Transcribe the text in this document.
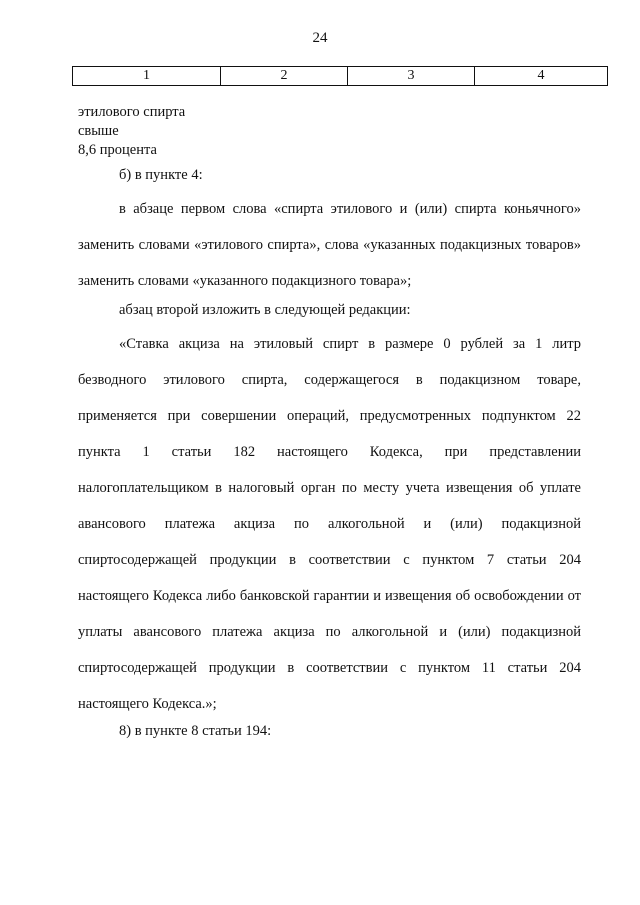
24
1	2	3	4
этилового спирта
свыше
8,6 процента

б) в пункте 4:

в абзаце первом слова «спирта этилового и (или) спирта коньячного» заменить словами «этилового спирта», слова «указанных подакцизных товаров» заменить словами «указанного подакцизного товара»;

абзац второй изложить в следующей редакции:

«Ставка акциза на этиловый спирт в размере 0 рублей за 1 литр безводного этилового спирта, содержащегося в подакцизном товаре, применяется при совершении операций, предусмотренных подпунктом 22 пункта 1 статьи 182 настоящего Кодекса, при представлении налогоплательщиком в налоговый орган по месту учета извещения об уплате авансового платежа акциза по алкогольной и (или) подакцизной спиртосодержащей продукции в соответствии с пунктом 7 статьи 204 настоящего Кодекса либо банковской гарантии и извещения об освобождении от уплаты авансового платежа акциза по алкогольной и (или) подакцизной спиртосодержащей продукции в соответствии с пунктом 11 статьи 204 настоящего Кодекса.»;

8) в пункте 8 статьи 194:
